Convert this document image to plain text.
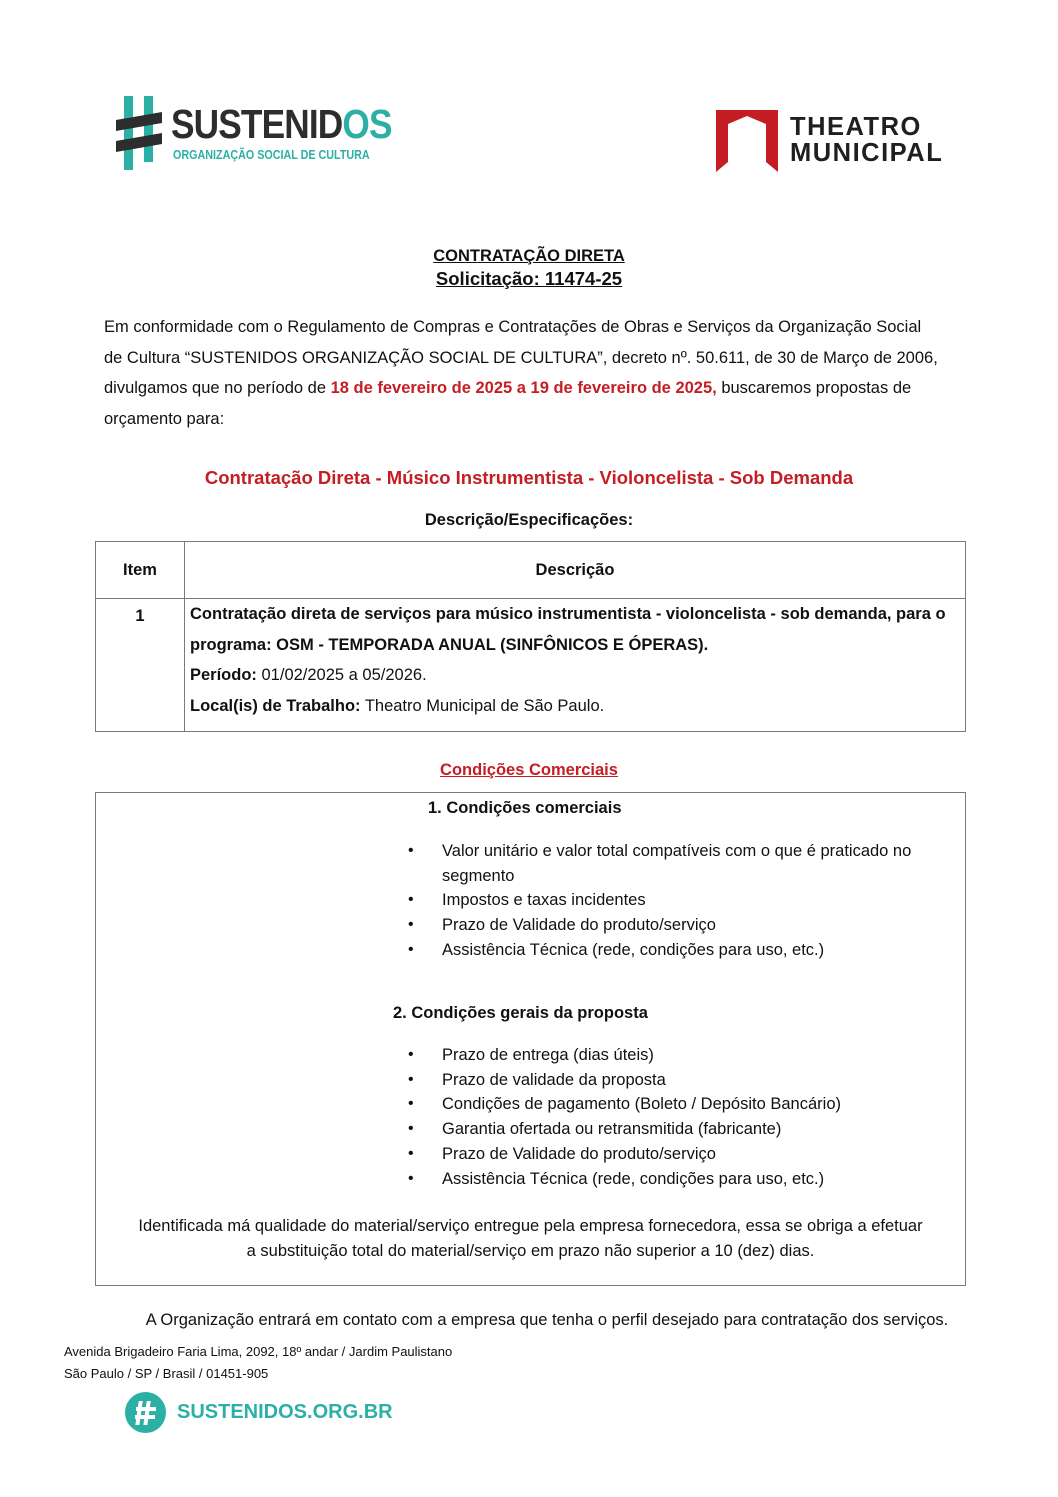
SUSTENIDOS
ORGANIZAÇÃO SOCIAL DE CULTURA
THEATRO
MUNICIPAL
CONTRATAÇÃO DIRETA
Solicitação: 11474-25
Em conformidade com o Regulamento de Compras e Contratações de Obras e Serviços da Organização Social de Cultura “SUSTENIDOS ORGANIZAÇÃO SOCIAL DE CULTURA”, decreto nº. 50.611, de 30 de Março de 2006, divulgamos que no período de 18 de fevereiro de 2025 a 19 de fevereiro de 2025, buscaremos propostas de orçamento para:
Contratação Direta - Músico Instrumentista - Violoncelista - Sob Demanda
Descrição/Especificações:
Item	Descrição
1	Contratação direta de serviços para músico instrumentista - violoncelista - sob demanda, para o programa: OSM - TEMPORADA ANUAL (SINFÔNICOS E ÓPERAS).
Período: 01/02/2025 a 05/2026.
Local(is) de Trabalho: Theatro Municipal de São Paulo.
Condições Comerciais
1. Condições comerciais
• Valor unitário e valor total compatíveis com o que é praticado no segmento
• Impostos e taxas incidentes
• Prazo de Validade do produto/serviço
• Assistência Técnica (rede, condições para uso, etc.)
2. Condições gerais da proposta
• Prazo de entrega (dias úteis)
• Prazo de validade da proposta
• Condições de pagamento (Boleto / Depósito Bancário)
• Garantia ofertada ou retransmitida (fabricante)
• Prazo de Validade do produto/serviço
• Assistência Técnica (rede, condições para uso, etc.)
Identificada má qualidade do material/serviço entregue pela empresa fornecedora, essa se obriga a efetuar
a substituição total do material/serviço em prazo não superior a 10 (dez) dias.
A Organização entrará em contato com a empresa que tenha o perfil desejado para contratação dos serviços.
Avenida Brigadeiro Faria Lima, 2092, 18º andar / Jardim Paulistano
São Paulo / SP / Brasil / 01451-905
SUSTENIDOS.ORG.BR
